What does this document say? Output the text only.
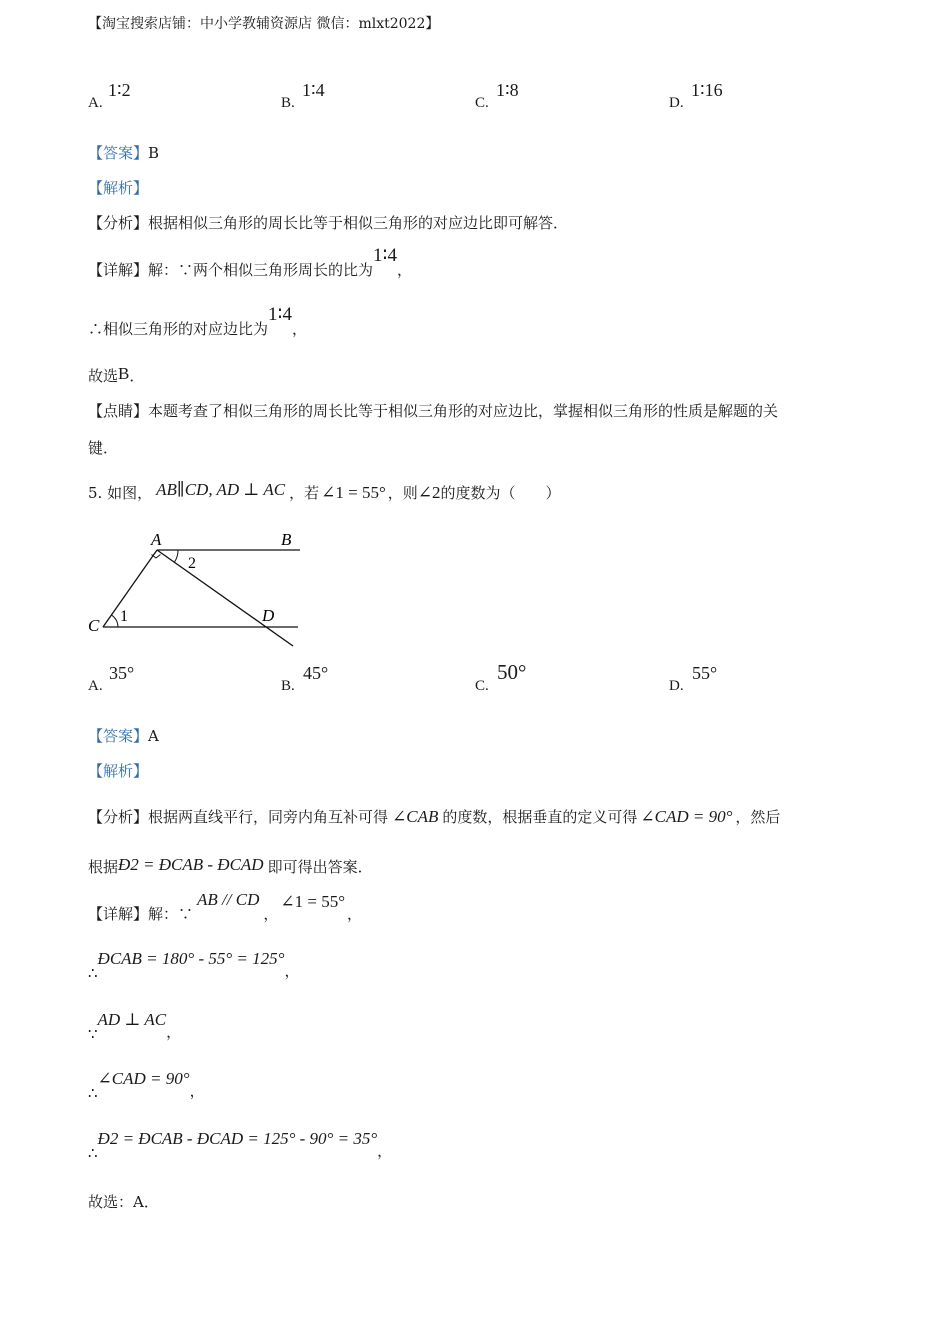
【淘宝搜索店铺：中小学教辅资源店 微信：mlxt2022】
A.
1∶2
B.
1∶4
C.
1∶8
D.
1∶16
【答案】B
【解析】
【分析】根据相似三角形的周长比等于相似三角形的对应边比即可解答．
【详解】解：∵两个相似三角形周长的比为1∶4，
∴相似三角形的对应边比为1∶4，
故选B．
【点睛】本题考查了相似三角形的周长比等于相似三角形的对应边比，掌握相似三角形的性质是解题的关
键．
5. 如图， AB∥CD, AD ⊥ AC ，若 ∠1 = 55° ，则∠2的度数为（　　）
A	B
C
D
1
2
A.
35°
B.
45°
C.
50°
D.
55°
【答案】A
【解析】
【分析】根据两直线平行，同旁内角互补可得 ∠CAB 的度数，根据垂直的定义可得 ∠CAD = 90° ，然后
根据Ð2 = ÐCAB - ÐCAD 即可得出答案．
【详解】解：∵AB // CD，∠1 = 55°，
∴ÐCAB = 180° - 55° = 125°，
∵AD ⊥ AC，
∴∠CAD = 90°，
∴Ð2 = ÐCAB - ÐCAD = 125° - 90° = 35°，
故选：A．
